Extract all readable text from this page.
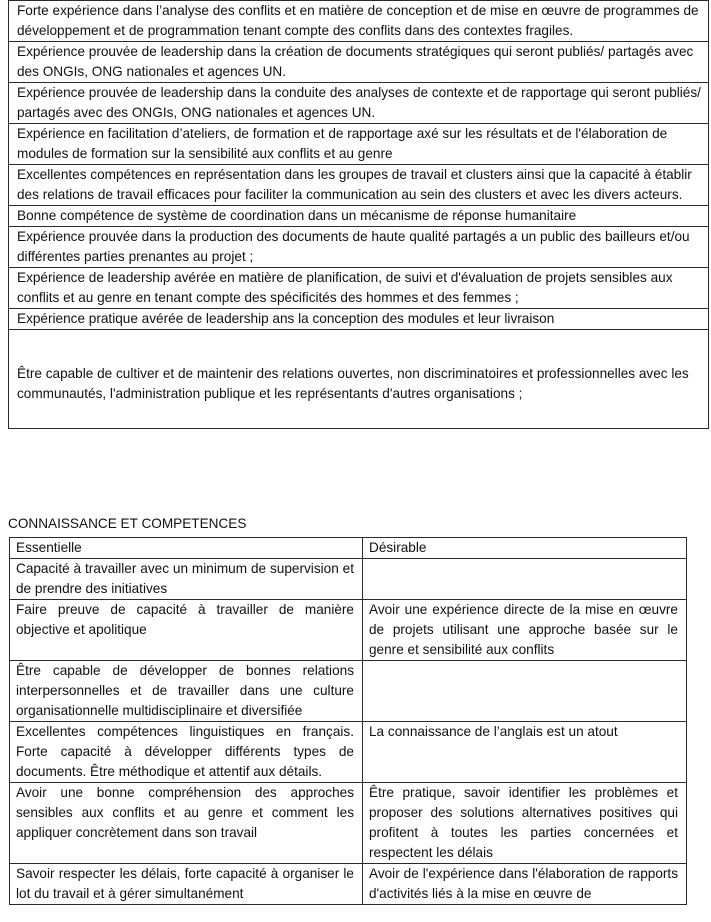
Forte expérience dans l’analyse des conflits et en matière de conception et de mise en œuvre de programmes de développement et de programmation tenant compte des conflits dans des contextes fragiles.
Expérience prouvée de leadership dans la création de documents stratégiques qui seront publiés/ partagés avec des ONGIs, ONG nationales et agences UN.
Expérience prouvée de leadership dans la conduite des analyses de contexte et de rapportage qui seront publiés/ partagés avec des ONGIs, ONG nationales et agences UN.
Expérience en facilitation d’ateliers, de formation et de rapportage axé sur les résultats et de l'élaboration de modules de formation sur la sensibilité aux conflits et au genre
Excellentes compétences en représentation dans les groupes de travail et clusters ainsi que la capacité à établir des relations de travail efficaces pour faciliter la communication au sein des clusters et avec les divers acteurs.
Bonne compétence de système de coordination dans un mécanisme de réponse humanitaire
Expérience prouvée dans la production des documents de haute qualité partagés a un public des bailleurs et/ou différentes parties prenantes au projet ;
Expérience de leadership avérée en matière de planification, de suivi et d'évaluation de projets sensibles aux conflits et au genre en tenant compte des spécificités des hommes et des femmes ;
Expérience pratique avérée de leadership ans la conception des modules et leur livraison
Être capable de cultiver et de maintenir des relations ouvertes, non discriminatoires et professionnelles avec les communautés, l'administration publique et les représentants d'autres organisations ;
CONNAISSANCE ET COMPETENCES
Essentielle	Désirable
Capacité à travailler avec un minimum de supervision et de prendre des initiatives	
Faire preuve de capacité à travailler de manière objective et apolitique	Avoir une expérience directe de la mise en œuvre de projets utilisant une approche basée sur le genre et sensibilité aux conflits
Être capable de développer de bonnes relations interpersonnelles et de travailler dans une culture organisationnelle multidisciplinaire et diversifiée	
Excellentes compétences linguistiques en français. Forte capacité à développer différents types de documents. Être méthodique et attentif aux détails.	La connaissance de l’anglais est un atout
Avoir une bonne compréhension des approches sensibles aux conflits et au genre et comment les appliquer concrètement dans son travail	Être pratique, savoir identifier les problèmes et proposer des solutions alternatives positives qui profitent à toutes les parties concernées et respectent les délais
Savoir respecter les délais, forte capacité à organiser le lot du travail et à gérer simultanément	Avoir de l'expérience dans l'élaboration de rapports d'activités liés à la mise en œuvre de
